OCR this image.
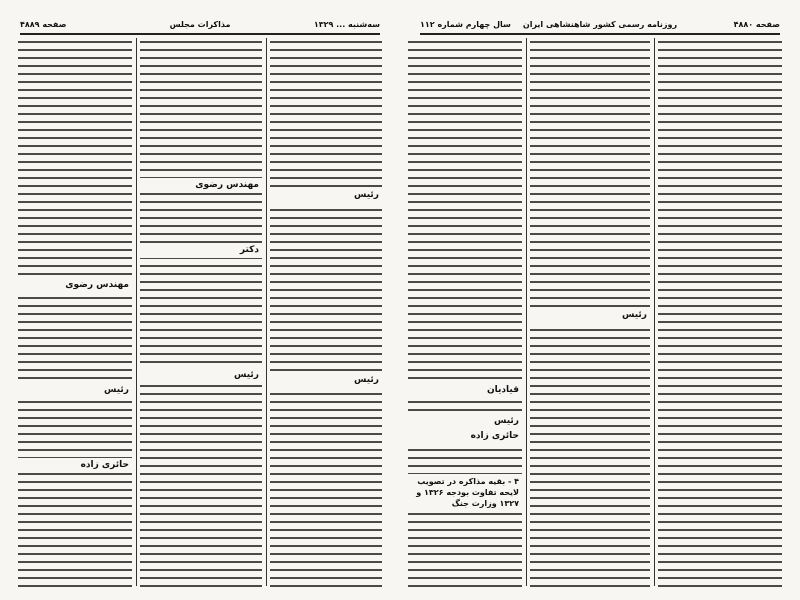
صفحه ۴۸۸۹	مذاکرات مجلس	سه‌شنبه ... ۱۳۲۹
رئیس
رئیس
مهندس رضوی
دکتر
رئیس
مهندس رضوی
رئیس
حائری زاده
سال چهارم شماره ۱۱۲ روزنامه رسمی کشور شاهنشاهی ایران	صفحه ۴۸۸۰
رئیس
قیادیان
رئیس
حائری زاده
۴ - بقیه مذاکره در تصویب لایحه تفاوت بودجه ۱۳۲۶ و ۱۳۲۷ وزارت جنگ
